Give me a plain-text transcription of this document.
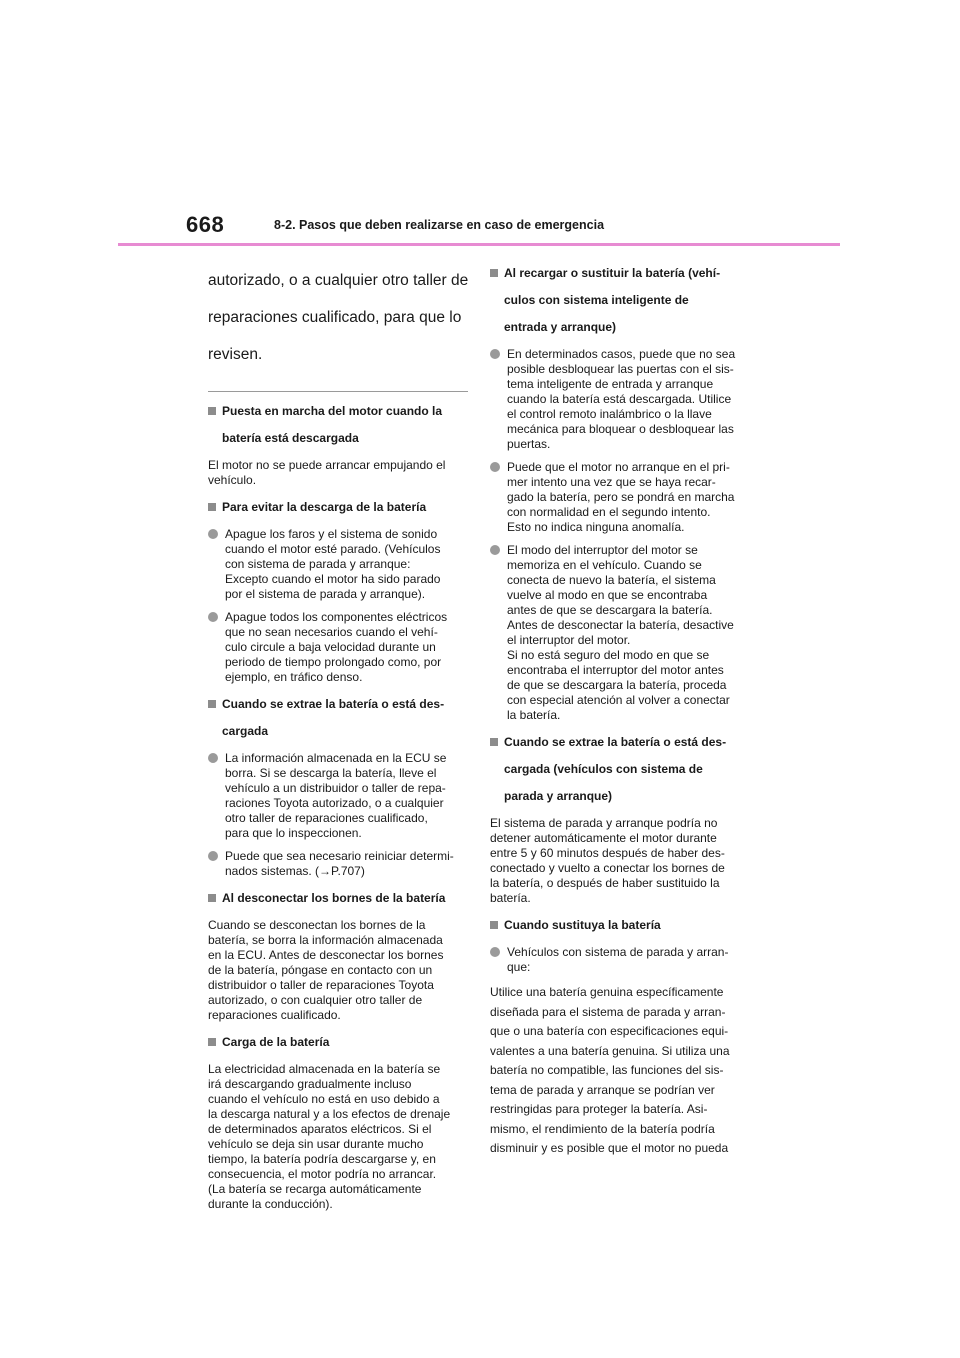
668	8-2. Pasos que deben realizarse en caso de emergencia

autorizado, o a cualquier otro taller de

reparaciones cualificado, para que lo

revisen.

Puesta en marcha del motor cuando la

batería está descargada

El motor no se puede arrancar empujando el

vehículo.

Para evitar la descarga de la batería

Apague los faros y el sistema de sonido

cuando el motor esté parado. (Vehículos

con sistema de parada y arranque:

Excepto cuando el motor ha sido parado

por el sistema de parada y arranque).

Apague todos los componentes eléctricos

que no sean necesarios cuando el vehí-

culo circule a baja velocidad durante un

periodo de tiempo prolongado como, por

ejemplo, en tráfico denso.

Cuando se extrae la batería o está des-

cargada

La información almacenada en la ECU se

borra. Si se descarga la batería, lleve el

vehículo a un distribuidor o taller de repa-

raciones Toyota autorizado, o a cualquier

otro taller de reparaciones cualificado,

para que lo inspeccionen.

Puede que sea necesario reiniciar determi-

nados sistemas. (→P.707)

Al desconectar los bornes de la batería

Cuando se desconectan los bornes de la

batería, se borra la información almacenada

en la ECU. Antes de desconectar los bornes

de la batería, póngase en contacto con un

distribuidor o taller de reparaciones Toyota

autorizado, o con cualquier otro taller de

reparaciones cualificado.

Carga de la batería

La electricidad almacenada en la batería se

irá descargando gradualmente incluso

cuando el vehículo no está en uso debido a

la descarga natural y a los efectos de drenaje

de determinados aparatos eléctricos. Si el

vehículo se deja sin usar durante mucho

tiempo, la batería podría descargarse y, en

consecuencia, el motor podría no arrancar.

(La batería se recarga automáticamente

durante la conducción).

Al recargar o sustituir la batería (vehí-

culos con sistema inteligente de

entrada y arranque)

En determinados casos, puede que no sea

posible desbloquear las puertas con el sis-

tema inteligente de entrada y arranque

cuando la batería está descargada. Utilice

el control remoto inalámbrico o la llave

mecánica para bloquear o desbloquear las

puertas.

Puede que el motor no arranque en el pri-

mer intento una vez que se haya recar-

gado la batería, pero se pondrá en marcha

con normalidad en el segundo intento.

Esto no indica ninguna anomalía.

El modo del interruptor del motor se

memoriza en el vehículo. Cuando se

conecta de nuevo la batería, el sistema

vuelve al modo en que se encontraba

antes de que se descargara la batería.

Antes de desconectar la batería, desactive

el interruptor del motor.

Si no está seguro del modo en que se

encontraba el interruptor del motor antes

de que se descargara la batería, proceda

con especial atención al volver a conectar

la batería.

Cuando se extrae la batería o está des-

cargada (vehículos con sistema de

parada y arranque)

El sistema de parada y arranque podría no

detener automáticamente el motor durante

entre 5 y 60 minutos después de haber des-

conectado y vuelto a conectar los bornes de

la batería, o después de haber sustituido la

batería.

Cuando sustituya la batería

Vehículos con sistema de parada y arran-

que:

Utilice una batería genuina específicamente

diseñada para el sistema de parada y arran-

que o una batería con especificaciones equi-

valentes a una batería genuina. Si utiliza una

batería no compatible, las funciones del sis-

tema de parada y arranque se podrían ver

restringidas para proteger la batería. Asi-

mismo, el rendimiento de la batería podría

disminuir y es posible que el motor no pueda
